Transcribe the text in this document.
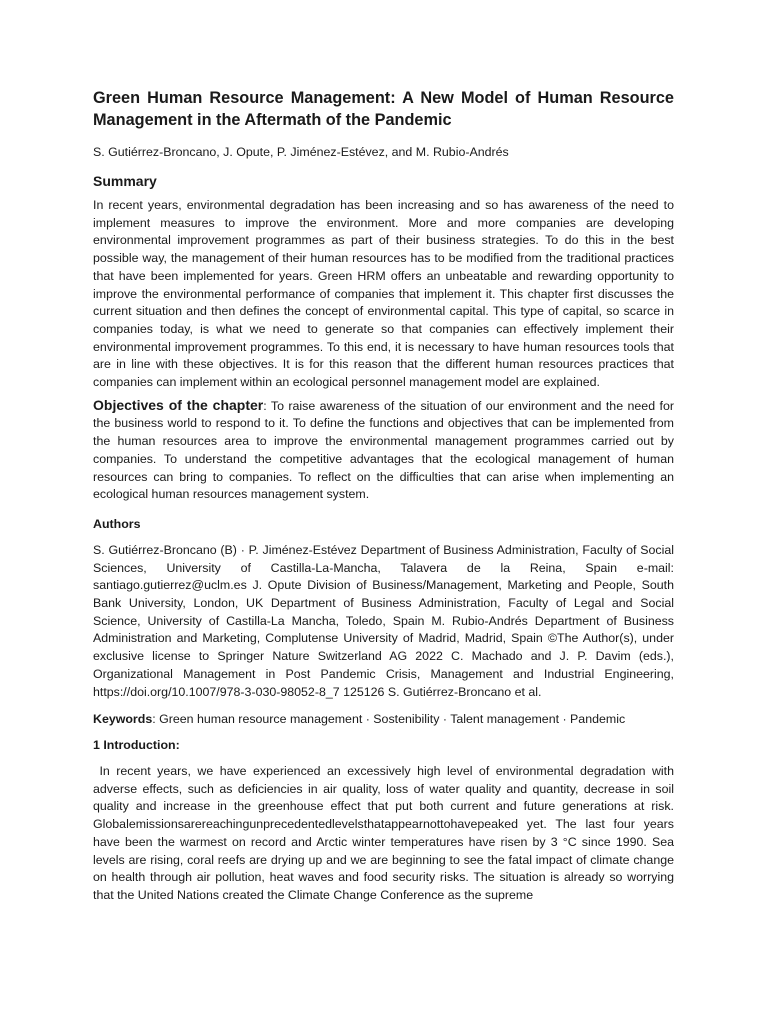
Green Human Resource Management: A New Model of Human Resource Management in the Aftermath of the Pandemic

S. Gutiérrez-Broncano, J. Opute, P. Jiménez-Estévez, and M. Rubio-Andrés

Summary

In recent years, environmental degradation has been increasing and so has awareness of the need to implement measures to improve the environment. More and more companies are developing environmental improvement programmes as part of their business strategies. To do this in the best possible way, the management of their human resources has to be modified from the traditional practices that have been implemented for years. Green HRM offers an unbeatable and rewarding opportunity to improve the environmental performance of companies that implement it. This chapter first discusses the current situation and then defines the concept of environmental capital. This type of capital, so scarce in companies today, is what we need to generate so that companies can effectively implement their environmental improvement programmes. To this end, it is necessary to have human resources tools that are in line with these objectives. It is for this reason that the different human resources practices that companies can implement within an ecological personnel management model are explained.

Objectives of the chapter: To raise awareness of the situation of our environment and the need for the business world to respond to it. To define the functions and objectives that can be implemented from the human resources area to improve the environmental management programmes carried out by companies. To understand the competitive advantages that the ecological management of human resources can bring to companies. To reflect on the difficulties that can arise when implementing an ecological human resources management system.

Authors

S. Gutiérrez-Broncano (B) · P. Jiménez-Estévez Department of Business Administration, Faculty of Social Sciences, University of Castilla-La-Mancha, Talavera de la Reina, Spain e-mail: santiago.gutierrez@uclm.es J. Opute Division of Business/Management, Marketing and People, South Bank University, London, UK Department of Business Administration, Faculty of Legal and Social Science, University of Castilla-La Mancha, Toledo, Spain M. Rubio-Andrés Department of Business Administration and Marketing, Complutense University of Madrid, Madrid, Spain ©The Author(s), under exclusive license to Springer Nature Switzerland AG 2022 C. Machado and J. P. Davim (eds.), Organizational Management in Post Pandemic Crisis, Management and Industrial Engineering, https://doi.org/10.1007/978-3-030-98052-8_7 125126 S. Gutiérrez-Broncano et al.

Keywords: Green human resource management · Sostenibility · Talent management · Pandemic

1 Introduction:

In recent years, we have experienced an excessively high level of environmental degradation with adverse effects, such as deficiencies in air quality, loss of water quality and quantity, decrease in soil quality and increase in the greenhouse effect that put both current and future generations at risk. Globalemissionsarereachingunprecedentedlevelsthatappearnottohavepeaked yet. The last four years have been the warmest on record and Arctic winter temperatures have risen by 3 °C since 1990. Sea levels are rising, coral reefs are drying up and we are beginning to see the fatal impact of climate change on health through air pollution, heat waves and food security risks. The situation is already so worrying that the United Nations created the Climate Change Conference as the supreme
